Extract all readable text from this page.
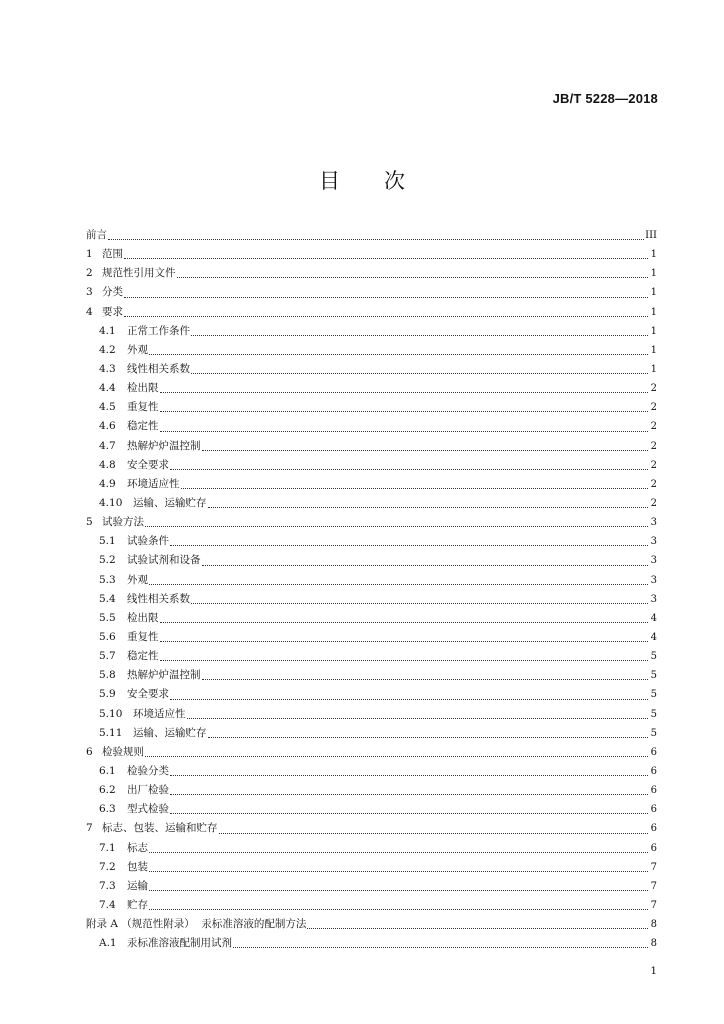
JB/T 5228—2018
目次
前言	III
1 范围	1
2 规范性引用文件	1
3 分类	1
4 要求	1
4.1	正常工作条件	1
4.2	外观	1
4.3	线性相关系数	1
4.4	检出限	2
4.5	重复性	2
4.6	稳定性	2
4.7	热解炉炉温控制	2
4.8	安全要求	2
4.9	环境适应性	2
4.10	运输、运输贮存	2
5 试验方法	3
5.1	试验条件	3
5.2	试验试剂和设备	3
5.3	外观	3
5.4	线性相关系数	3
5.5	检出限	4
5.6	重复性	4
5.7	稳定性	5
5.8	热解炉炉温控制	5
5.9	安全要求	5
5.10	环境适应性	5
5.11	运输、运输贮存	5
6 检验规则	6
6.1	检验分类	6
6.2	出厂检验	6
6.3	型式检验	6
7 标志、包装、运输和贮存	6
7.1	标志	6
7.2	包装	7
7.3	运输	7
7.4	贮存	7
附录 A （规范性附录）  汞标准溶液的配制方法	8
A.1 汞标准溶液配制用试剂	8
1
